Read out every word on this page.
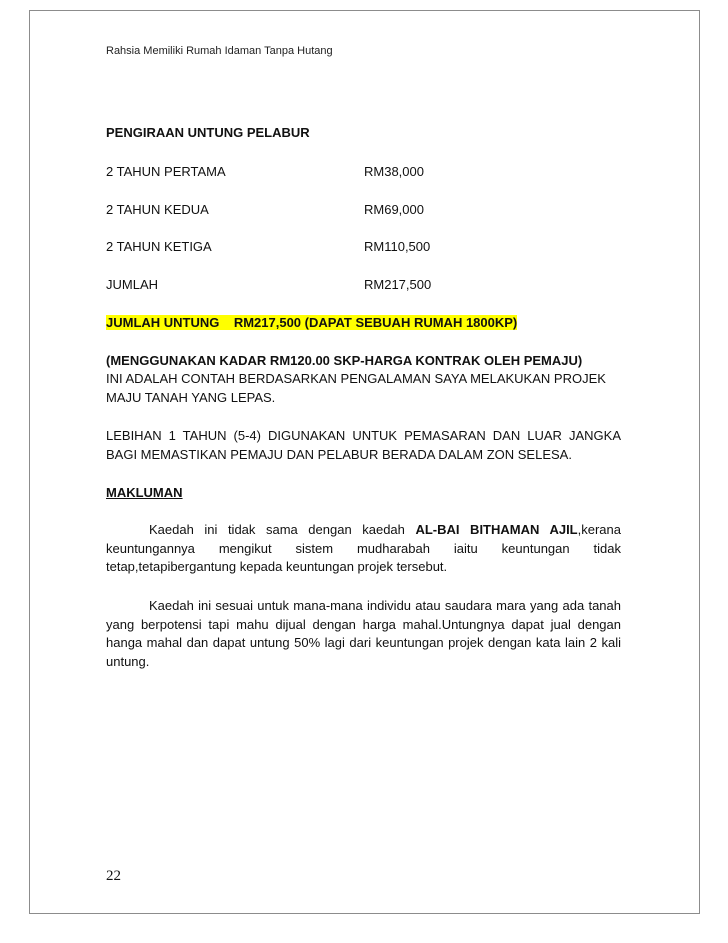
Rahsia Memiliki Rumah Idaman Tanpa Hutang
PENGIRAAN UNTUNG PELABUR
2 TAHUN PERTAMA	RM38,000
2 TAHUN KEDUA	RM69,000
2 TAHUN KETIGA	RM110,500
JUMLAH	RM217,500
JUMLAH UNTUNG    RM217,500 (DAPAT SEBUAH RUMAH 1800KP)
(MENGGUNAKAN KADAR RM120.00 SKP-HARGA KONTRAK OLEH PEMAJU)
INI ADALAH CONTAH BERDASARKAN PENGALAMAN SAYA MELAKUKAN PROJEK MAJU TANAH YANG LEPAS.
LEBIHAN 1 TAHUN (5-4) DIGUNAKAN UNTUK PEMASARAN DAN LUAR JANGKA BAGI MEMASTIKAN PEMAJU DAN PELABUR BERADA DALAM ZON SELESA.
MAKLUMAN
Kaedah ini tidak sama dengan kaedah AL-BAI BITHAMAN AJIL,kerana keuntungannya mengikut sistem mudharabah iaitu keuntungan tidak tetap,tetapibergantung kepada keuntungan projek tersebut.
Kaedah ini sesuai untuk mana-mana individu atau saudara mara yang ada tanah yang berpotensi tapi mahu dijual dengan harga mahal.Untungnya dapat jual dengan hanga mahal dan dapat untung 50% lagi dari keuntungan projek dengan kata lain 2 kali untung.
22
